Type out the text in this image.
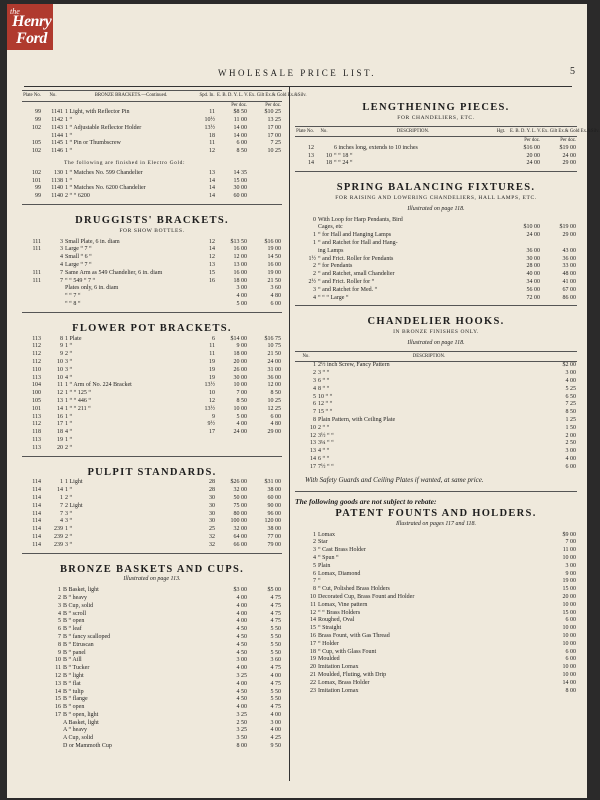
the
Henry
Ford
WHOLESALE PRICE LIST.	5
Plate No.	No.	BRONZE BRACKETS.—Continued.	Spd. In.	E. B. D. Y. L. V.	Ex. Gilt Ex.& Gold Ex.&Silv.
				Per doz.	Per doz.
99	1141	1 Light, with Reflector Pin	11	$8 50	$10 25
99	1142	1 “	10½	11 00	13 25
102	1143	1 “ Adjustable Reflector Holder	13½	14 00	17 00
	1144	1 “	18	14 00	17 00
105	1145	1 “ Pin or Thumbscrew	11	6 00	7 25
102	1146	1 “	12	8 50	10 25
The following are finished in Electro Gold:
102	130	1 “ Matches No. 599 Chandelier	13	14 35	
101	1138	1 “	14	15 00	
99	1140	1 “ Matches No. 6200 Chandelier	14	30 00	
99	1140	2 “ “ 6200	14	60 00	
DRUGGISTS' BRACKETS.
FOR SHOW BOTTLES.
111	3	Small Plate, 6 in. diam	12	$13 50	$16 00
111	3	Large “ 7 “	14	16 00	19 00
	4	Small “ 6 “	12	12 00	14 50
	4	Large “ 7 “	13	13 00	16 00
111	7	Same Arm as 549 Chandelier, 6 in. diam	15	16 00	19 00
111	7	“ “ 549 “ 7 “	16	18 00	21 50
		Plates only, 6 in. diam		3 00	3 60
		“ “ 7 “		4 00	4 80
		“ “ 8 “		5 00	6 00
FLOWER POT BRACKETS.
113	8	1 Plate	6	$14 00	$16 75
112	9	1 “	11	9 00	10 75
112	9	2 “	11	18 00	21 50
112	10	3 “	19	20 00	24 00
110	10	3 “	19	26 00	31 00
113	10	4 “	19	30 00	36 00
104	11	1 “ Arm of No. 224 Bracket	13½	10 00	12 00
100	12	1 “ “ 125 “	10	7 00	8 50
105	13	1 “ “ 446 “	12	8 50	10 25
101	14	1 “ “ 211 “	13½	10 00	12 25
113	16	1 “	9	5 00	6 00
112	17	1 “	9½	4 00	4 80
118	18	4 “	17	24 00	29 00
113	19	1 “			
113	20	2 “			
PULPIT STANDARDS.
114	1	1 Light	28	$26 00	$31 00
114	14	1 “	28	32 00	38 00
114	1	2 “	30	50 00	60 00
114	7	2 Light	30	75 00	90 00
114	7	3 “	30	80 00	96 00
114	4	3 “	30	100 00	120 00
114	239	1 “	25	32 00	38 00
114	239	2 “	32	64 00	77 00
114	239	3 “	32	66 00	79 00
BRONZE BASKETS AND CUPS.
Illustrated on page 113.
1	B Basket, light	$3 00	$5 00
2	B “ heavy	4 00	4 75
3	B Cup, solid	4 00	4 75
4	B “ scroll	4 00	4 75
5	B “ open	4 00	4 75
6	B “ leaf	4 50	5 50
7	B “ fancy scalloped	4 50	5 50
8	B “ Etruscan	4 50	5 50
9	B “ panel	4 50	5 50
10	B “ Aill	3 00	3 60
11	B “ Tucker	4 00	4 75
12	B “ light	3 25	4 00
13	B “ flat	4 00	4 75
14	B “ tulip	4 50	5 50
15	B “ flange	4 50	5 50
16	B “ open	4 00	4 75
17	B “ open, light	3 25	4 00
	A Basket, light	2 50	3 00
	A “ heavy	3 25	4 00
	A Cup, solid	3 50	4 25
	D or Mammoth Cup	8 00	9 50
LENGTHENING PIECES.
FOR CHANDELIERS, ETC.
Plate No.	No.	DESCRIPTION.	Hgt.	E. B. D. Y. L. V.	Ex. Gilt Ex.& Gold Ex.&Silv.
				Per doz.	Per doz.
12		6 inches long, extends to 10 inches		$16 00	$19 00
13	10	“ “ 18 “		20 00	24 00
14	18	“ “ 24 “		24 00	29 00
SPRING BALANCING FIXTURES.
FOR RAISING AND LOWERING CHANDELIERS, HALL LAMPS, ETC.
Illustrated on page 118.
0	With Loop for Harp Pendants, Bird		
	Cages, etc	$10 00	$19 00
1	“ for Hall and Hanging Lamps	24 00	29 00
1	“ and Ratchet for Hall and Hang-		
	ing Lamps	36 00	43 00
1½	“ and Frict. Roller for Pendants	30 00	36 00
2	“ for Pendants	28 00	33 00
2	“ and Ratchet, small Chandelier	40 00	48 00
2½	“ and Frict. Roller for “	34 00	41 00
3	“ and Ratchet for Med. “	56 00	67 00
4	“ “ “ Large “	72 00	86 00
CHANDELIER HOOKS.
IN BRONZE FINISHES ONLY.
Illustrated on page 118.
No.	DESCRIPTION.	
1	2½ inch Screw, Fancy Pattern	$2 00
2	3 “ “	3 00
3	6 “ “	4 00
4	8 “ “	5 25
5	10 “ “	6 50
6	12 “ “	7 25
7	15 “ “	8 50
8	Plain Pattern, with Ceiling Plate	1 25
10	2 “ “	1 50
12	3½ “ “	2 00
13	3¼ “ “	2 50
13	4 “ “	3 00
14	6 “ “	4 00
17	7½ “ “	6 00
With Safety Guards and Ceiling Plates if wanted, at same price.
The following goods are not subject to rebate:
PATENT FOUNTS AND HOLDERS.
Illustrated on pages 117 and 118.
1	Lomax	$9 00
2	Star	7 00
3	“ Cast Brass Holder	11 00
4	“ Spun “	10 00
5	Plain	3 00
6	Lomax, Diamond	9 00
7	“	19 00
8	“ Cut, Polished Brass Holders	15 00
10	Decorated Cup, Brass Fount and Holder	20 00
11	Lomax, Vine pattern	10 00
12	“ “ Brass Holders	15 00
14	Roughed, Oval	6 00
15	“ Straight	10 00
16	Brass Fount, with Gas Thread	10 00
17	“ Holder	10 00
18	“ Cup, with Glass Fount	6 00
19	Moulded	6 00
20	Imitation Lomax	10 00
21	Moulded, Fluting, with Drip	10 00
22	Lomax, Brass Holder	14 00
23	Imitation Lomax	8 00
